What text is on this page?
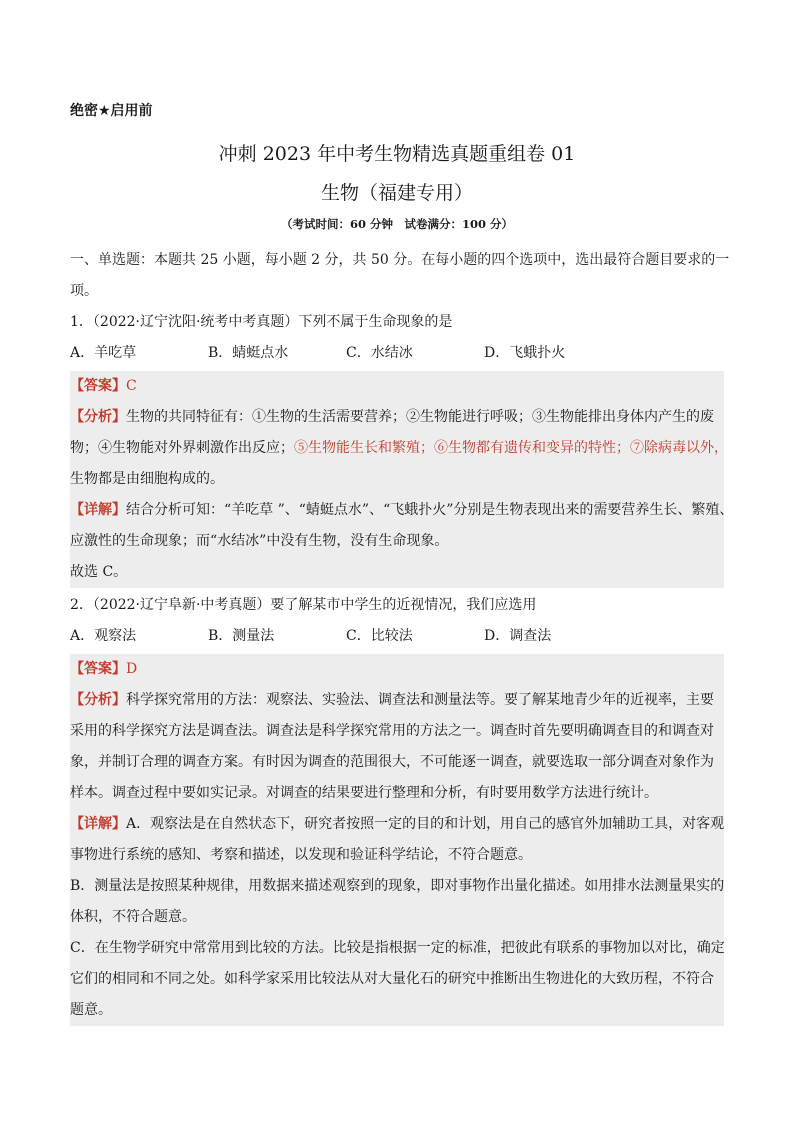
绝密★启用前
冲刺 2023 年中考生物精选真题重组卷 01
生物（福建专用）
（考试时间：60 分钟　试卷满分：100 分）
一、单选题：本题共 25 小题，每小题 2 分，共 50 分。在每小题的四个选项中，选出最符合题目要求的一
项。
1．（2022·辽宁沈阳·统考中考真题）下列不属于生命现象的是
A．羊吃草	B．蜻蜓点水	C．水结冰	D．飞蛾扑火
【答案】C
【分析】生物的共同特征有：①生物的生活需要营养；②生物能进行呼吸；③生物能排出身体内产生的废
物；④生物能对外界刺激作出反应；⑤生物能生长和繁殖；⑥生物都有遗传和变异的特性；⑦除病毒以外，
生物都是由细胞构成的。
【详解】结合分析可知：“羊吃草 ”、“蜻蜓点水”、“飞蛾扑火”分别是生物表现出来的需要营养生长、繁殖、
应激性的生命现象；而“水结冰”中没有生物，没有生命现象。
故选 C。
2．（2022·辽宁阜新·中考真题）要了解某市中学生的近视情况，我们应选用
A．观察法	B．测量法	C．比较法	D．调查法
【答案】D
【分析】科学探究常用的方法：观察法、实验法、调查法和测量法等。要了解某地青少年的近视率，主要
采用的科学探究方法是调查法。调查法是科学探究常用的方法之一。调查时首先要明确调查目的和调查对
象，并制订合理的调查方案。有时因为调查的范围很大，不可能逐一调查，就要选取一部分调查对象作为
样本。调查过程中要如实记录。对调查的结果要进行整理和分析，有时要用数学方法进行统计。
【详解】A．观察法是在自然状态下，研究者按照一定的目的和计划，用自己的感官外加辅助工具，对客观
事物进行系统的感知、考察和描述，以发现和验证科学结论，不符合题意。
B．测量法是按照某种规律，用数据来描述观察到的现象，即对事物作出量化描述。如用排水法测量果实的
体积，不符合题意。
C．在生物学研究中常常用到比较的方法。比较是指根据一定的标准，把彼此有联系的事物加以对比，确定
它们的相同和不同之处。如科学家采用比较法从对大量化石的研究中推断出生物进化的大致历程，不符合
题意。
